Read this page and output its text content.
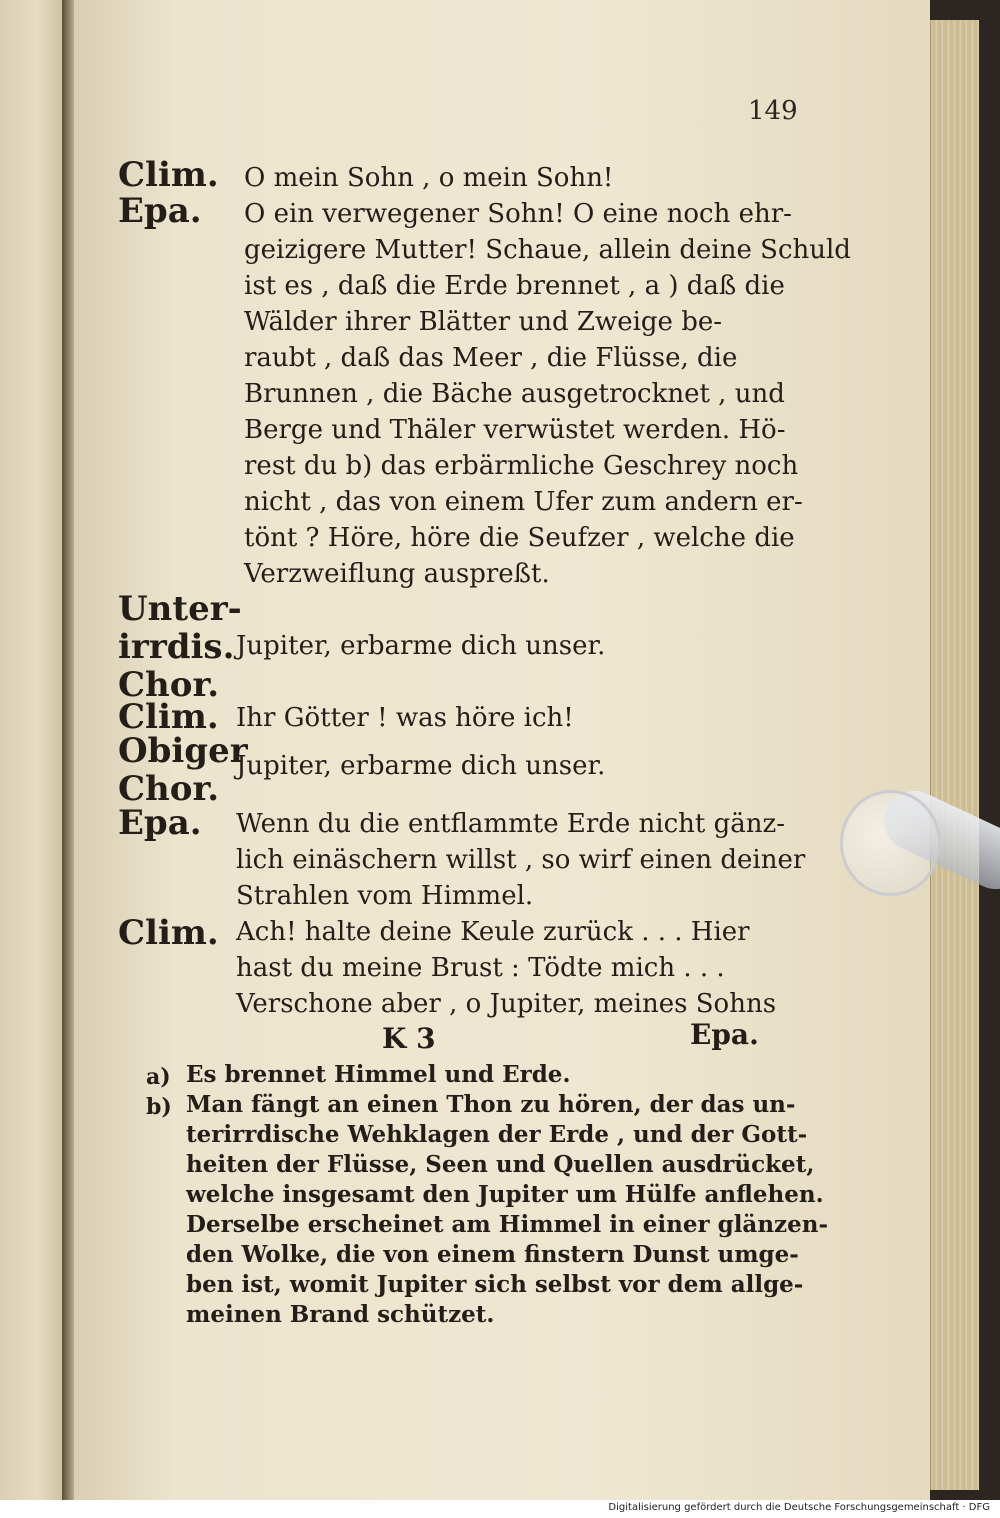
149
Clim. O mein Sohn , o mein Sohn!
Epa.	O ein verwegener Sohn! O eine noch ehr-
geizigere Mutter! Schaue, allein deine Schuld
ist es , daß die Erde brennet , a ) daß die
Wälder ihrer Blätter und Zweige be-
raubt , daß das Meer , die Flüsse, die
Brunnen , die Bäche ausgetrocknet , und
Berge und Thäler verwüstet werden. Hö-
rest du b) das erbärmliche Geschrey noch
nicht , das von einem Ufer zum andern er-
tönt ? Höre, höre die Seufzer , welche die
Verzweiflung auspreßt.
Unter- irrdis. Chor.
Jupiter, erbarme dich unser.
Clim. Ihr Götter ! was höre ich!
Obiger Chor.
Jupiter, erbarme dich unser.
Epa.	Wenn du die entflammte Erde nicht gänz-
lich einäschern willst , so wirf einen deiner
Strahlen vom Himmel.
Clim. Ach! halte deine Keule zurück . . . Hier
hast du meine Brust : Tödte mich . . .
Verschone aber , o Jupiter, meines Sohns
K 3	Epa.
a) Es brennet Himmel und Erde.
b) Man fängt an einen Thon zu hören, der das un-
terirrdische Wehklagen der Erde , und der Gott-
heiten der Flüsse, Seen und Quellen ausdrücket,
welche insgesamt den Jupiter um Hülfe anflehen.
Derselbe erscheinet am Himmel in einer glänzen-
den Wolke, die von einem finstern Dunst umge-
ben ist, womit Jupiter sich selbst vor dem allge-
meinen Brand schützet.
Digitalisierung gefördert durch die Deutsche Forschungsgemeinschaft · DFG
